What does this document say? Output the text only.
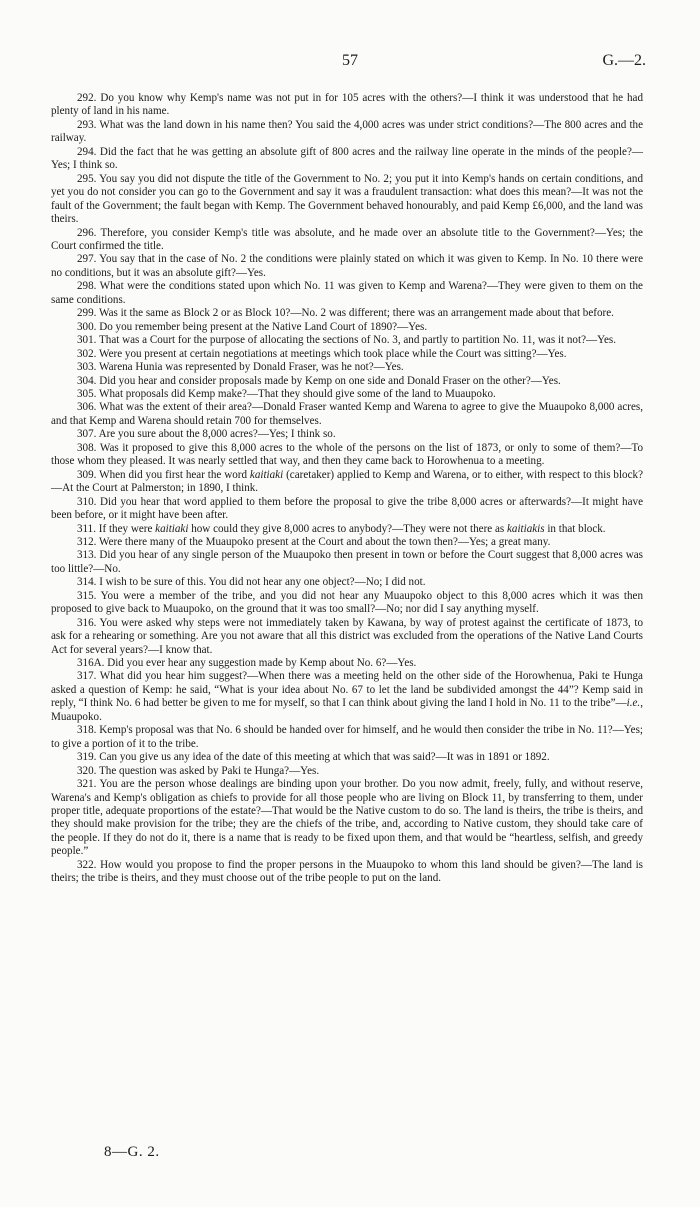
57	G.—2.

292. Do you know why Kemp's name was not put in for 105 acres with the others?—I think it was understood that he had plenty of land in his name.

293. What was the land down in his name then? You said the 4,000 acres was under strict conditions?—The 800 acres and the railway.

294. Did the fact that he was getting an absolute gift of 800 acres and the railway line operate in the minds of the people?—Yes; I think so.

295. You say you did not dispute the title of the Government to No. 2; you put it into Kemp's hands on certain conditions, and yet you do not consider you can go to the Government and say it was a fraudulent transaction: what does this mean?—It was not the fault of the Government; the fault began with Kemp. The Government behaved honourably, and paid Kemp £6,000, and the land was theirs.

296. Therefore, you consider Kemp's title was absolute, and he made over an absolute title to the Government?—Yes; the Court confirmed the title.

297. You say that in the case of No. 2 the conditions were plainly stated on which it was given to Kemp. In No. 10 there were no conditions, but it was an absolute gift?—Yes.

298. What were the conditions stated upon which No. 11 was given to Kemp and Warena?—They were given to them on the same conditions.

299. Was it the same as Block 2 or as Block 10?—No. 2 was different; there was an arrangement made about that before.

300. Do you remember being present at the Native Land Court of 1890?—Yes.

301. That was a Court for the purpose of allocating the sections of No. 3, and partly to partition No. 11, was it not?—Yes.

302. Were you present at certain negotiations at meetings which took place while the Court was sitting?—Yes.

303. Warena Hunia was represented by Donald Fraser, was he not?—Yes.

304. Did you hear and consider proposals made by Kemp on one side and Donald Fraser on the other?—Yes.

305. What proposals did Kemp make?—That they should give some of the land to Muaupoko.

306. What was the extent of their area?—Donald Fraser wanted Kemp and Warena to agree to give the Muaupoko 8,000 acres, and that Kemp and Warena should retain 700 for themselves.

307. Are you sure about the 8,000 acres?—Yes; I think so.

308. Was it proposed to give this 8,000 acres to the whole of the persons on the list of 1873, or only to some of them?—To those whom they pleased. It was nearly settled that way, and then they came back to Horowhenua to a meeting.

309. When did you first hear the word kaitiaki (caretaker) applied to Kemp and Warena, or to either, with respect to this block?—At the Court at Palmerston; in 1890, I think.

310. Did you hear that word applied to them before the proposal to give the tribe 8,000 acres or afterwards?—It might have been before, or it might have been after.

311. If they were kaitiaki how could they give 8,000 acres to anybody?—They were not there as kaitiakis in that block.

312. Were there many of the Muaupoko present at the Court and about the town then?—Yes; a great many.

313. Did you hear of any single person of the Muaupoko then present in town or before the Court suggest that 8,000 acres was too little?—No.

314. I wish to be sure of this. You did not hear any one object?—No; I did not.

315. You were a member of the tribe, and you did not hear any Muaupoko object to this 8,000 acres which it was then proposed to give back to Muaupoko, on the ground that it was too small?—No; nor did I say anything myself.

316. You were asked why steps were not immediately taken by Kawana, by way of protest against the certificate of 1873, to ask for a rehearing or something. Are you not aware that all this district was excluded from the operations of the Native Land Courts Act for several years?—I know that.

316A. Did you ever hear any suggestion made by Kemp about No. 6?—Yes.

317. What did you hear him suggest?—When there was a meeting held on the other side of the Horowhenua, Paki te Hunga asked a question of Kemp: he said, “What is your idea about No. 67 to let the land be subdivided amongst the 44”? Kemp said in reply, “I think No. 6 had better be given to me for myself, so that I can think about giving the land I hold in No. 11 to the tribe”—i.e., Muaupoko.

318. Kemp's proposal was that No. 6 should be handed over for himself, and he would then consider the tribe in No. 11?—Yes; to give a portion of it to the tribe.

319. Can you give us any idea of the date of this meeting at which that was said?—It was in 1891 or 1892.

320. The question was asked by Paki te Hunga?—Yes.

321. You are the person whose dealings are binding upon your brother. Do you now admit, freely, fully, and without reserve, Warena's and Kemp's obligation as chiefs to provide for all those people who are living on Block 11, by transferring to them, under proper title, adequate proportions of the estate?—That would be the Native custom to do so. The land is theirs, the tribe is theirs, and they should make provision for the tribe; they are the chiefs of the tribe, and, according to Native custom, they should take care of the people. If they do not do it, there is a name that is ready to be fixed upon them, and that would be “heartless, selfish, and greedy people.”

322. How would you propose to find the proper persons in the Muaupoko to whom this land should be given?—The land is theirs; the tribe is theirs, and they must choose out of the tribe people to put on the land.

8—G. 2.
